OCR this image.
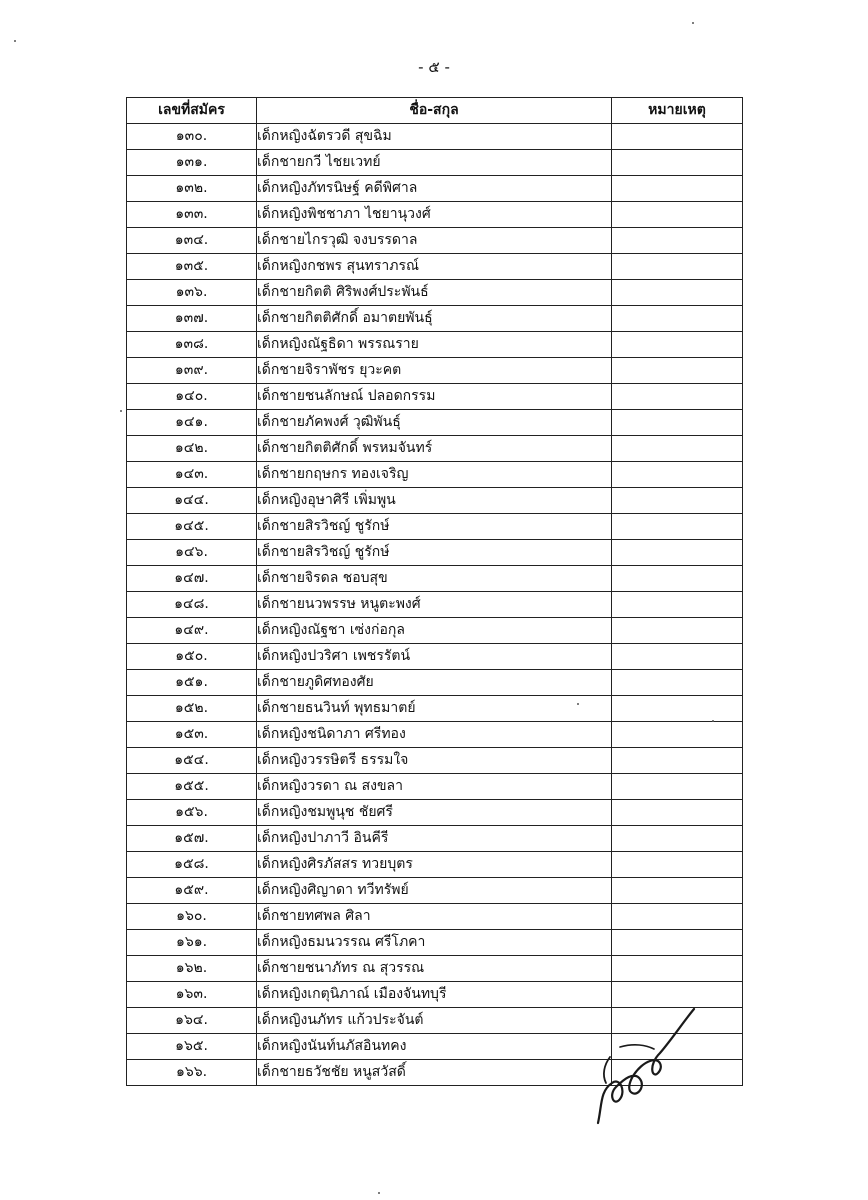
- ๕ -
เลขที่สมัคร	ชื่อ-สกุล	หมายเหตุ
๑๓๐.	เด็กหญิงฉัตรวดี สุขฉิม	
๑๓๑.	เด็กชายกวี ไชยเวทย์	
๑๓๒.	เด็กหญิงภัทรนิษฐ์ คดีพิศาล	
๑๓๓.	เด็กหญิงพิชชาภา ไชยานุวงศ์	
๑๓๔.	เด็กชายไกรวุฒิ จงบรรดาล	
๑๓๕.	เด็กหญิงกชพร สุนทราภรณ์	
๑๓๖.	เด็กชายกิตติ ศิริพงศ์ประพันธ์	
๑๓๗.	เด็กชายกิตติศักดิ์ อมาตยพันธุ์	
๑๓๘.	เด็กหญิงณัฐธิดา พรรณราย	
๑๓๙.	เด็กชายจิราพัชร ยุวะคต	
๑๔๐.	เด็กชายชนลักษณ์ ปลอดกรรม	
๑๔๑.	เด็กชายภัคพงศ์ วุฒิพันธุ์	
๑๔๒.	เด็กชายกิตติศักดิ์ พรหมจันทร์	
๑๔๓.	เด็กชายกฤษกร ทองเจริญ	
๑๔๔.	เด็กหญิงอุษาศิรี เพิ่มพูน	
๑๔๕.	เด็กชายสิรวิชญ์ ชูรักษ์	
๑๔๖.	เด็กชายสิรวิชญ์ ชูรักษ์	
๑๔๗.	เด็กชายจิรดล ชอบสุข	
๑๔๘.	เด็กชายนวพรรษ หนูตะพงศ์	
๑๔๙.	เด็กหญิงณัฐชา เซ่งก่อกุล	
๑๕๐.	เด็กหญิงปวริศา เพชรรัตน์	
๑๕๑.	เด็กชายภูดิศทองศัย	
๑๕๒.	เด็กชายธนวินท์ พุทธมาตย์	
๑๕๓.	เด็กหญิงชนิดาภา ศรีทอง	
๑๕๔.	เด็กหญิงวรรษิตรี ธรรมใจ	
๑๕๕.	เด็กหญิงวรดา ณ สงขลา	
๑๕๖.	เด็กหญิงชมพูนุช ชัยศรี	
๑๕๗.	เด็กหญิงปาภาวี อินคีรี	
๑๕๘.	เด็กหญิงศิรภัสสร ทวยบุตร	
๑๕๙.	เด็กหญิงศิญาดา ทวีทรัพย์	
๑๖๐.	เด็กชายทศพล ศิลา	
๑๖๑.	เด็กหญิงธมนวรรณ ศรีโภคา	
๑๖๒.	เด็กชายชนาภัทร ณ สุวรรณ	
๑๖๓.	เด็กหญิงเกตุนิภาณ์ เมืองจันทบุรี	
๑๖๔.	เด็กหญิงนภัทร แก้วประจันต์	
๑๖๕.	เด็กหญิงนันท์นภัสอินทคง	
๑๖๖.	เด็กชายธวัชชัย หนูสวัสดิ์	
